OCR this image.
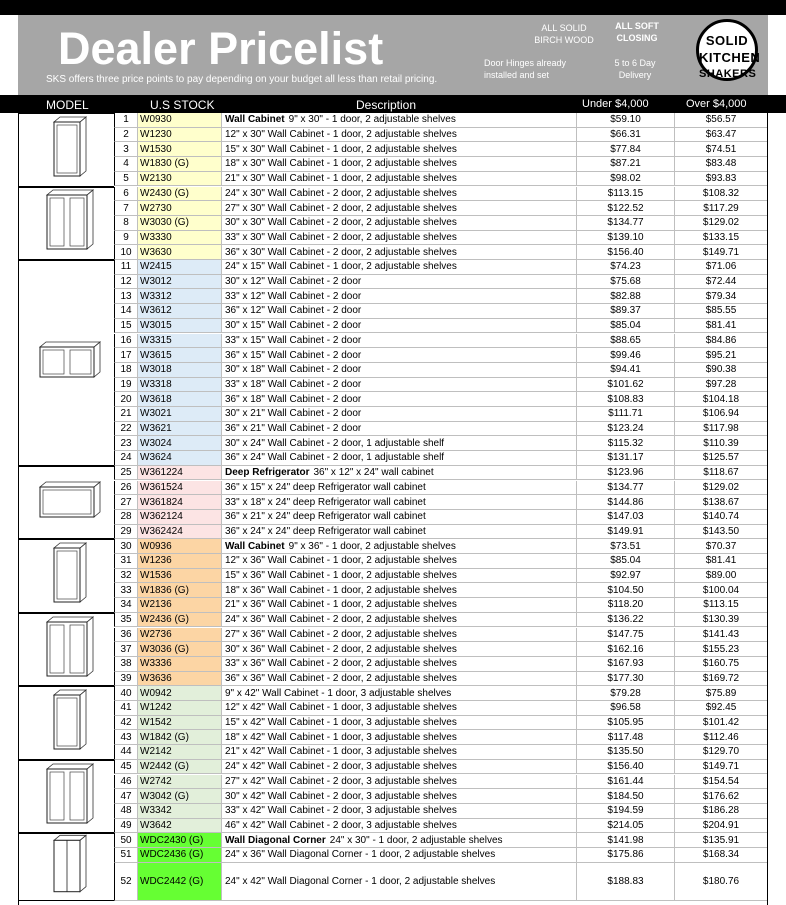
Dealer Pricelist
SKS offers three price points to pay depending on your budget all less than retail pricing.
ALL SOLID
BIRCH WOOD
ALL SOFT
CLOSING
Door Hinges already
installed and set
5 to 6 Day
Delivery
SOLID
KITCHEN
SHAKERS
MODEL	U.S STOCK	Description	Under $4,000	Over $4,000
1	W0930	Wall Cabinet 9" x 30" - 1 door, 2 adjustable shelves	$59.10	$56.57
2	W1230	12" x 30" Wall Cabinet - 1 door, 2 adjustable shelves	$66.31	$63.47
3	W1530	15" x 30" Wall Cabinet - 1 door, 2 adjustable shelves	$77.84	$74.51
4	W1830 (G)	18" x 30" Wall Cabinet - 1 door, 2 adjustable shelves	$87.21	$83.48
5	W2130	21" x 30" Wall Cabinet - 1 door, 2 adjustable shelves	$98.02	$93.83
6	W2430 (G)	24" x 30" Wall Cabinet - 2 door, 2 adjustable shelves	$113.15	$108.32
7	W2730	27" x 30" Wall Cabinet - 2 door, 2 adjustable shelves	$122.52	$117.29
8	W3030 (G)	30" x 30" Wall Cabinet - 2 door, 2 adjustable shelves	$134.77	$129.02
9	W3330	33" x 30" Wall Cabinet - 2 door, 2 adjustable shelves	$139.10	$133.15
10 W3630	36" x 30" Wall Cabinet - 2 door, 2 adjustable shelves	$156.40	$149.71
11 W2415	24" x 15" Wall Cabinet - 1 door, 2 adjustable shelves	$74.23	$71.06
12 W3012	30" x 12" Wall Cabinet - 2 door	$75.68	$72.44
13 W3312	33" x 12" Wall Cabinet - 2 door	$82.88	$79.34
14 W3612	36" x 12" Wall Cabinet - 2 door	$89.37	$85.55
15 W3015	30" x 15" Wall Cabinet - 2 door	$85.04	$81.41
16 W3315	33" x 15" Wall Cabinet - 2 door	$88.65	$84.86
17 W3615	36" x 15" Wall Cabinet - 2 door	$99.46	$95.21
18 W3018	30" x 18" Wall Cabinet - 2 door	$94.41	$90.38
19 W3318	33" x 18" Wall Cabinet - 2 door	$101.62	$97.28
20 W3618	36" x 18" Wall Cabinet - 2 door	$108.83	$104.18
21 W3021	30" x 21" Wall Cabinet - 2 door	$111.71	$106.94
22 W3621	36" x 21" Wall Cabinet - 2 door	$123.24	$117.98
23 W3024	30" x 24" Wall Cabinet - 2 door, 1 adjustable shelf	$115.32	$110.39
24 W3624	36" x 24" Wall Cabinet - 2 door, 1 adjustable shelf	$131.17	$125.57
25 W361224	Deep Refrigerator 36" x 12" x 24" wall cabinet	$123.96	$118.67
26 W361524	36" x 15" x 24" deep Refrigerator wall cabinet	$134.77	$129.02
27 W361824	33" x 18" x 24" deep Refrigerator wall cabinet	$144.86	$138.67
28 W362124	36" x 21" x 24" deep Refrigerator wall cabinet	$147.03	$140.74
29 W362424	36" x 24" x 24" deep Refrigerator wall cabinet	$149.91	$143.50
30 W0936	Wall Cabinet 9" x 36" - 1 door, 2 adjustable shelves	$73.51	$70.37
31 W1236	12" x 36" Wall Cabinet - 1 door, 2 adjustable shelves	$85.04	$81.41
32 W1536	15" x 36" Wall Cabinet - 1 door, 2 adjustable shelves	$92.97	$89.00
33 W1836 (G)	18" x 36" Wall Cabinet - 1 door, 2 adjustable shelves	$104.50	$100.04
34 W2136	21" x 36" Wall Cabinet - 1 door, 2 adjustable shelves	$118.20	$113.15
35 W2436 (G)	24" x 36" Wall Cabinet - 2 door, 2 adjustable shelves	$136.22	$130.39
36 W2736	27" x 36" Wall Cabinet - 2 door, 2 adjustable shelves	$147.75	$141.43
37 W3036 (G)	30" x 36" Wall Cabinet - 2 door, 2 adjustable shelves	$162.16	$155.23
38 W3336	33" x 36" Wall Cabinet - 2 door, 2 adjustable shelves	$167.93	$160.75
39 W3636	36" x 36" Wall Cabinet - 2 door, 2 adjustable shelves	$177.30	$169.72
40 W0942	9" x 42" Wall Cabinet - 1 door, 3 adjustable shelves	$79.28	$75.89
41 W1242	12" x 42" Wall Cabinet - 1 door, 3 adjustable shelves	$96.58	$92.45
42 W1542	15" x 42" Wall Cabinet - 1 door, 3 adjustable shelves	$105.95	$101.42
43 W1842 (G)	18" x 42" Wall Cabinet - 1 door, 3 adjustable shelves	$117.48	$112.46
44 W2142	21" x 42" Wall Cabinet - 1 door, 3 adjustable shelves	$135.50	$129.70
45 W2442 (G)	24" x 42" Wall Cabinet - 2 door, 3 adjustable shelves	$156.40	$149.71
46 W2742	27" x 42" Wall Cabinet - 2 door, 3 adjustable shelves	$161.44	$154.54
47 W3042 (G)	30" x 42" Wall Cabinet - 2 door, 3 adjustable shelves	$184.50	$176.62
48 W3342	33" x 42" Wall Cabinet - 2 door, 3 adjustable shelves	$194.59	$186.28
49 W3642	46" x 42" Wall Cabinet - 2 door, 3 adjustable shelves	$214.05	$204.91
50 WDC2430 (G)	Wall Diagonal Corner 24" x 30" - 1 door, 2 adjustable shelves	$141.98	$135.91
51 WDC2436 (G)	24" x 36" Wall Diagonal Corner - 1 door, 2 adjustable shelves	$175.86	$168.34
52 WDC2442 (G)	24" x 42" Wall Diagonal Corner - 1 door, 2 adjustable shelves	$188.83	$180.76
